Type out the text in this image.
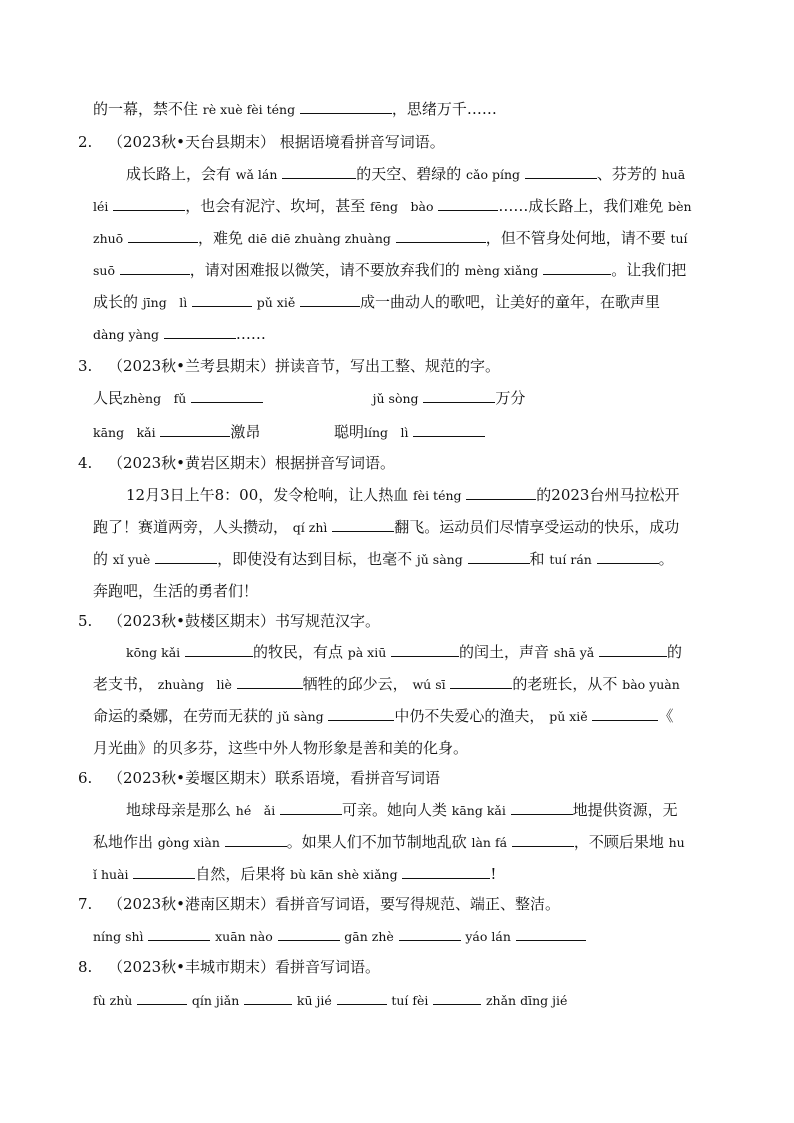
的一幕，禁不住 rè xuè fèi téng	，思绪万千……
2. （2023秋•天台县期末） 根据语境看拼音写词语。
成长路上，会有 wǎ lán	的天空、碧绿的 cǎo píng	、芬芳的 huā
léi	，也会有泥泞、坎坷，甚至 fēng　bào	……成长路上，我们难免 bèn
zhuō	，难免 diē diē zhuàng zhuàng	，但不管身处何地，请不要 tuí
suō	，请对困难报以微笑，请不要放弃我们的 mèng xiǎng	。让我们把
成长的 jīng　lì	pǔ xiě	成一曲动人的歌吧，让美好的童年，在歌声里
dàng yàng	……
3. （2023秋•兰考县期末）拼读音节，写出工整、规范的字。
人民zhèng　fǔ	jǔ sòng	万分
kāng　kǎi	激昂	聪明líng　lì
4. （2023秋•黄岩区期末）根据拼音写词语。
12月3日上午8：00，发令枪响，让人热血 fèi téng	的2023台州马拉松开
跑了！赛道两旁，人头攒动， qí zhì	翻飞。运动员们尽情享受运动的快乐，成功
的 xǐ yuè	，即使没有达到目标，也毫不 jǔ sàng	和 tuí rán	。
奔跑吧，生活的勇者们！
5. （2023秋•鼓楼区期末）书写规范汉字。
kōng kǎi	的牧民，有点 pà xiū	的闰土，声音 shā yǎ	的
老支书， zhuàng　liè	牺牲的邱少云， wú sī	的老班长，从不 bào yuàn
命运的桑娜，在劳而无获的 jǔ sàng	中仍不失爱心的渔夫， pǔ xiě	《
月光曲》的贝多芬，这些中外人物形象是善和美的化身。
6. （2023秋•姜堰区期末）联系语境，看拼音写词语
地球母亲是那么 hé　ǎi	可亲。她向人类 kāng kǎi	地提供资源，无
私地作出 gòng xiàn	。如果人们不加节制地乱砍 làn fá	，不顾后果地 hu
ǐ huài	自然，后果将 bù kān shè xiǎng	!
7. （2023秋•港南区期末）看拼音写词语，要写得规范、端正、整洁。
níng shì	xuān nào	gān zhè	yáo lán
8. （2023秋•丰城市期末）看拼音写词语。
fù zhù	qín jiǎn	kū jié	tuí fèi	zhǎn dīng jié
